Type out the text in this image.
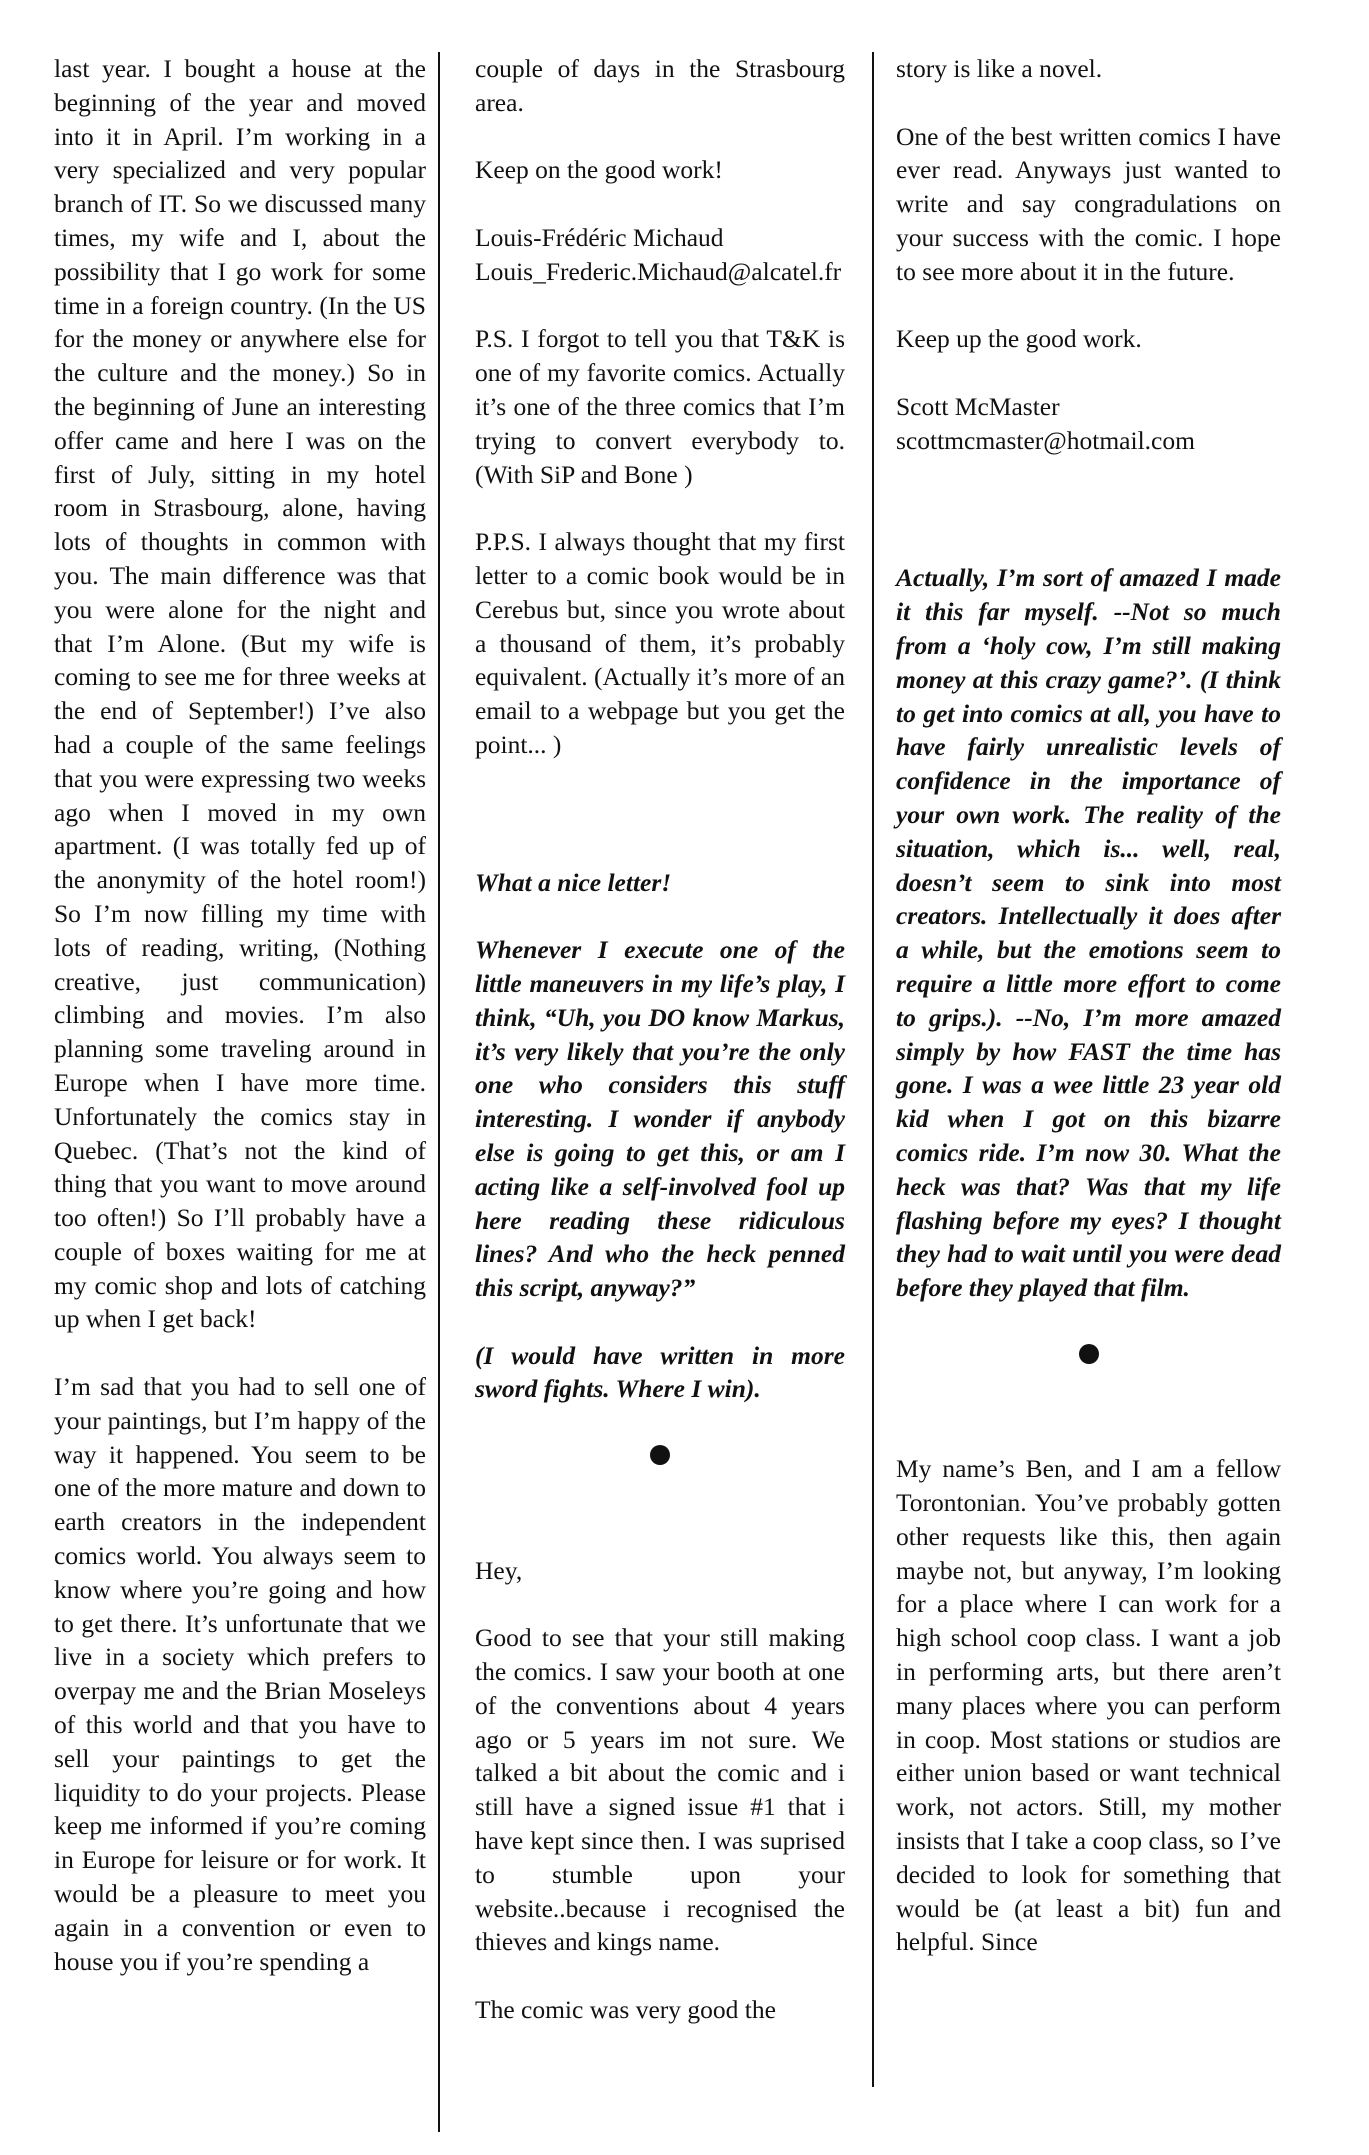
last year. I bought a house at the beginning of the year and moved into it in April. I’m working in a very specialized and very popular branch of IT. So we discussed many times, my wife and I, about the possibility that I go work for some time in a foreign country. (In the US for the money or anywhere else for the culture and the money.) So in the beginning of June an interesting offer came and here I was on the first of July, sitting in my hotel room in Strasbourg, alone, having lots of thoughts in common with you. The main difference was that you were alone for the night and that I’m Alone. (But my wife is coming to see me for three weeks at the end of September!) I’ve also had a couple of the same feelings that you were expressing two weeks ago when I moved in my own apartment. (I was totally fed up of the anonymity of the hotel room!) So I’m now filling my time with lots of reading, writing, (Nothing creative, just communication) climbing and movies. I’m also planning some traveling around in Europe when I have more time. Unfortunately the comics stay in Quebec. (That’s not the kind of thing that you want to move around too often!) So I’ll probably have a couple of boxes waiting for me at my comic shop and lots of catching up when I get back!

I’m sad that you had to sell one of your paintings, but I’m happy of the way it happened. You seem to be one of the more mature and down to earth creators in the independent comics world. You always seem to know where you’re going and how to get there. It’s unfortunate that we live in a society which prefers to overpay me and the Brian Moseleys of this world and that you have to sell your paintings to get the liquidity to do your projects. Please keep me informed if you’re coming in Europe for leisure or for work. It would be a pleasure to meet you again in a convention or even to house you if you’re spending a

couple of days in the Strasbourg area.

Keep on the good work!

Louis-Frédéric Michaud

Louis_Frederic.Michaud@alcatel.fr

P.S. I forgot to tell you that T&K is one of my favorite comics. Actually it’s one of the three comics that I’m trying to convert everybody to. (With SiP and Bone )

P.P.S. I always thought that my first letter to a comic book would be in Cerebus but, since you wrote about a thousand of them, it’s probably equivalent. (Actually it’s more of an email to a webpage but you get the point... )

What a nice letter!

Whenever I execute one of the little maneuvers in my life’s play, I think, “Uh, you DO know Markus, it’s very likely that you’re the only one who considers this stuff interesting. I wonder if anybody else is going to get this, or am I acting like a self-involved fool up here reading these ridiculous lines? And who the heck penned this script, anyway?”

(I would have written in more sword fights. Where I win).

Hey,

Good to see that your still making the comics. I saw your booth at one of the conventions about 4 years ago or 5 years im not sure. We talked a bit about the comic and i still have a signed issue #1 that i have kept since then. I was suprised to stumble upon your website..because i recognised the thieves and kings name.

The comic was very good the

story is like a novel.

One of the best written comics I have ever read. Anyways just wanted to write and say congradulations on your success with the comic. I hope to see more about it in the future.

Keep up the good work.

Scott McMaster

scottmcmaster@hotmail.com

Actually, I’m sort of amazed I made it this far myself. --Not so much from a ‘holy cow, I’m still making money at this crazy game?’. (I think to get into comics at all, you have to have fairly unrealistic levels of confidence in the importance of your own work. The reality of the situation, which is... well, real, doesn’t seem to sink into most creators. Intellectually it does after a while, but the emotions seem to require a little more effort to come to grips.). --No, I’m more amazed simply by how FAST the time has gone. I was a wee little 23 year old kid when I got on this bizarre comics ride. I’m now 30. What the heck was that? Was that my life flashing before my eyes? I thought they had to wait until you were dead before they played that film.

My name’s Ben, and I am a fellow Torontonian. You’ve probably gotten other requests like this, then again maybe not, but anyway, I’m looking for a place where I can work for a high school coop class. I want a job in performing arts, but there aren’t many places where you can perform in coop. Most stations or studios are either union based or want technical work, not actors. Still, my mother insists that I take a coop class, so I’ve decided to look for something that would be (at least a bit) fun and helpful. Since
